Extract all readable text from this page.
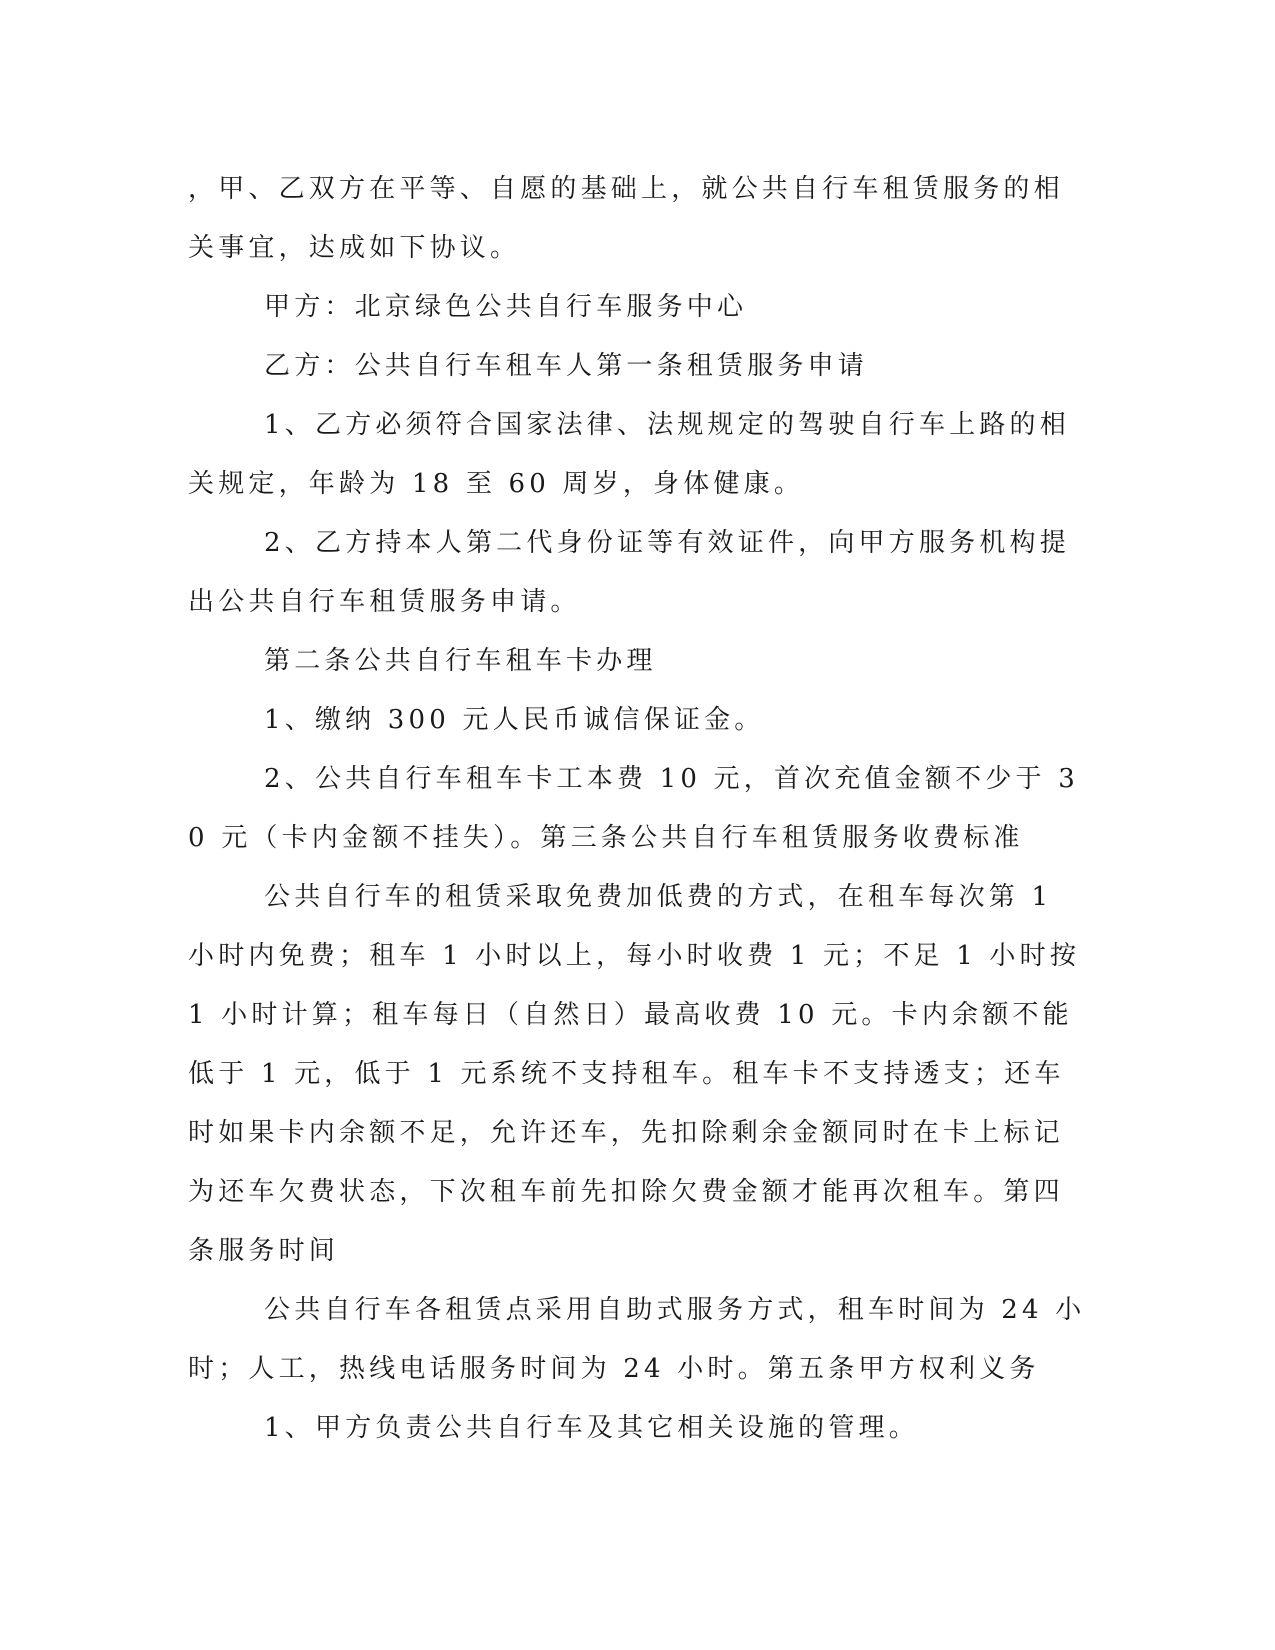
，甲、乙双方在平等、自愿的基础上，就公共自行车租赁服务的相关事宜，达成如下协议。

甲方：北京绿色公共自行车服务中心

乙方：公共自行车租车人第一条租赁服务申请

1、乙方必须符合国家法律、法规规定的驾驶自行车上路的相关规定，年龄为 18 至 60 周岁，身体健康。

2、乙方持本人第二代身份证等有效证件，向甲方服务机构提出公共自行车租赁服务申请。

第二条公共自行车租车卡办理

1、缴纳 300 元人民币诚信保证金。

2、公共自行车租车卡工本费 10 元，首次充值金额不少于 30 元（卡内金额不挂失）。第三条公共自行车租赁服务收费标准

公共自行车的租赁采取免费加低费的方式，在租车每次第 1 小时内免费；租车 1 小时以上，每小时收费 1 元；不足 1 小时按 1 小时计算；租车每日（自然日）最高收费 10 元。卡内余额不能低于 1 元，低于 1 元系统不支持租车。租车卡不支持透支；还车时如果卡内余额不足，允许还车，先扣除剩余金额同时在卡上标记为还车欠费状态，下次租车前先扣除欠费金额才能再次租车。第四条服务时间

公共自行车各租赁点采用自助式服务方式，租车时间为 24 小时；人工，热线电话服务时间为 24 小时。第五条甲方权利义务

1、甲方负责公共自行车及其它相关设施的管理。
